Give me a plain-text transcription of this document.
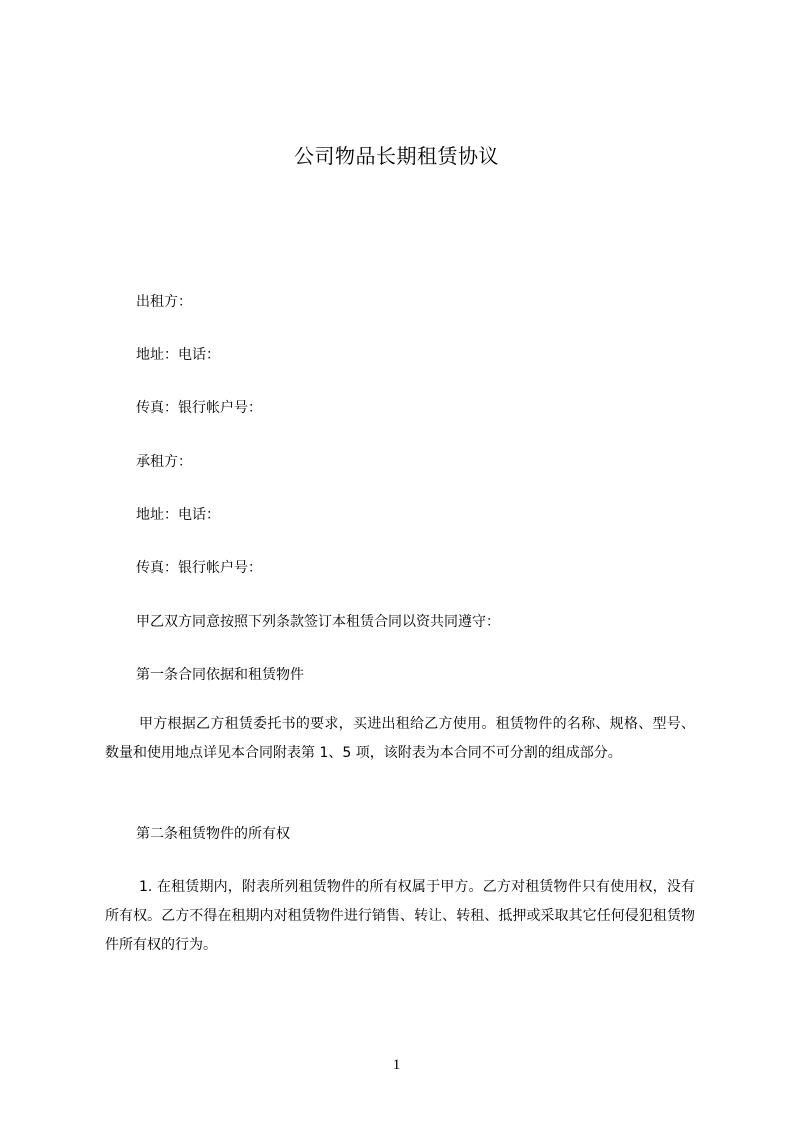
公司物品长期租赁协议
出租方：
地址：电话：
传真：银行帐户号：
承租方：
地址：电话：
传真：银行帐户号：
甲乙双方同意按照下列条款签订本租赁合同以资共同遵守：
第一条合同依据和租赁物件
甲方根据乙方租赁委托书的要求，买进出租给乙方使用。租赁物件的名称、规格、型号、数量和使用地点详见本合同附表第 1、5 项，该附表为本合同不可分割的组成部分。
第二条租赁物件的所有权
1. 在租赁期内，附表所列租赁物件的所有权属于甲方。乙方对租赁物件只有使用权，没有所有权。乙方不得在租期内对租赁物件进行销售、转让、转租、抵押或采取其它任何侵犯租赁物件所有权的行为。
1
